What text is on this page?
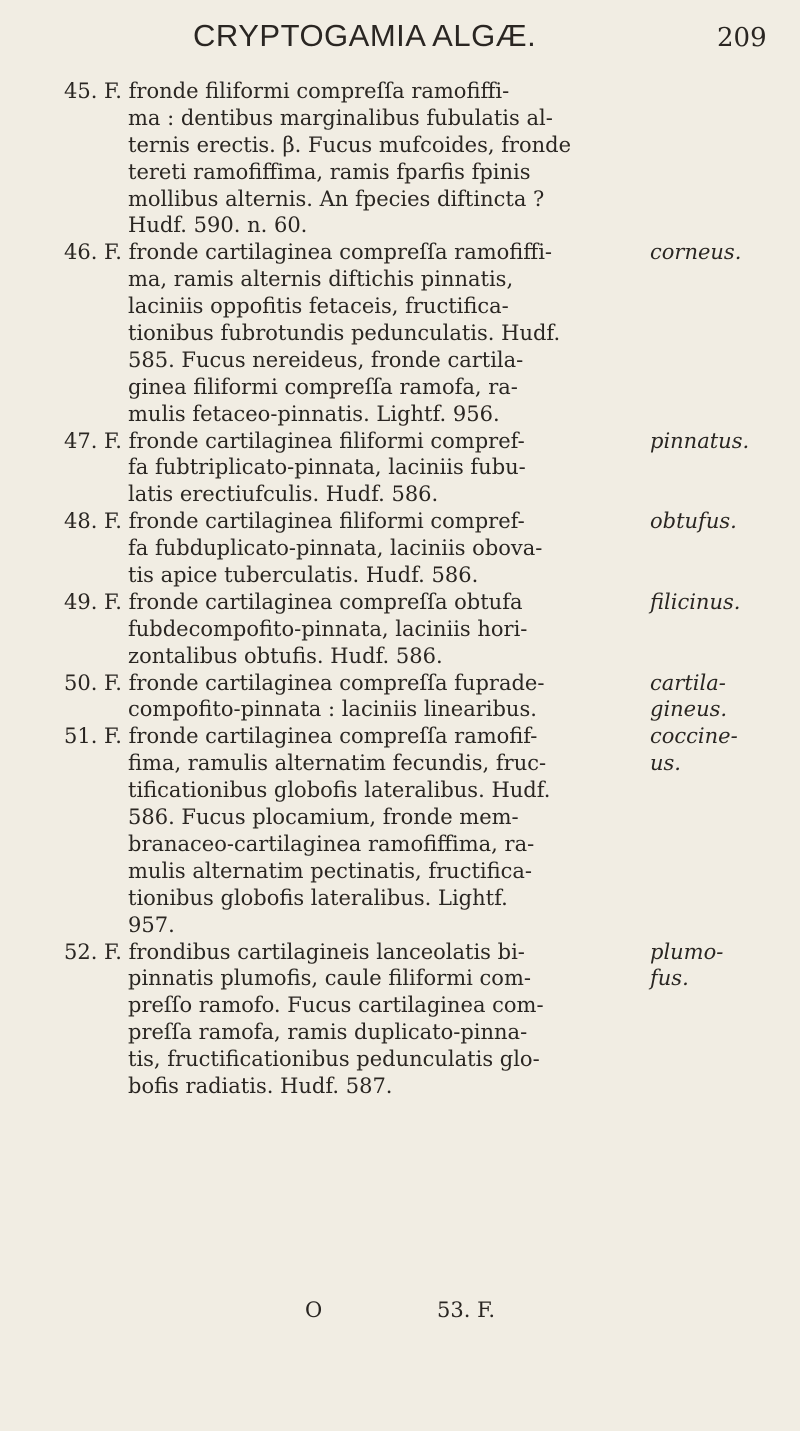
CRYPTOGAMIA ALGÆ.	209
45. F. fronde filiformi compreſſa ramofiffi-
ma : dentibus marginalibus fubulatis al-
ternis erectis. β. Fucus mufcoides, fronde
tereti ramofiffima, ramis fparfis fpinis
mollibus alternis. An fpecies diftincta ?
Hudf. 590. n. 60.
46. F. fronde cartilaginea compreſſa ramofiffi-	corneus.
ma, ramis alternis diftichis pinnatis,
laciniis oppofitis fetaceis, fructifica-
tionibus fubrotundis pedunculatis. Hudf.
585. Fucus nereideus, fronde cartila-
ginea filiformi compreſſa ramofa, ra-
mulis fetaceo-pinnatis. Lightf. 956.
47. F. fronde cartilaginea filiformi compref-	pinnatus.
fa fubtriplicato-pinnata, laciniis fubu-
latis erectiufculis. Hudf. 586.
48. F. fronde cartilaginea filiformi compref-	obtufus.
fa fubduplicato-pinnata, laciniis obova-
tis apice tuberculatis. Hudf. 586.
49. F. fronde cartilaginea compreſſa obtufa	filicinus.
fubdecompofito-pinnata, laciniis hori-
zontalibus obtufis. Hudf. 586.
50. F. fronde cartilaginea compreſſa fuprade-	cartila-
compofito-pinnata : laciniis linearibus.	gineus.
51. F. fronde cartilaginea compreſſa ramofif-	coccine-
fima, ramulis alternatim fecundis, fruc-	us.
tificationibus globofis lateralibus. Hudf.
586. Fucus plocamium, fronde mem-
branaceo-cartilaginea ramofiffima, ra-
mulis alternatim pectinatis, fructifica-
tionibus globofis lateralibus. Lightf.
957.
52. F. frondibus cartilagineis lanceolatis bi-	plumo-
pinnatis plumofis, caule filiformi com-	fus.
preſſo ramofo. Fucus cartilaginea com-
preſſa ramofa, ramis duplicato-pinna-
tis, fructificationibus pedunculatis glo-
bofis radiatis. Hudf. 587.
O	53. F.
